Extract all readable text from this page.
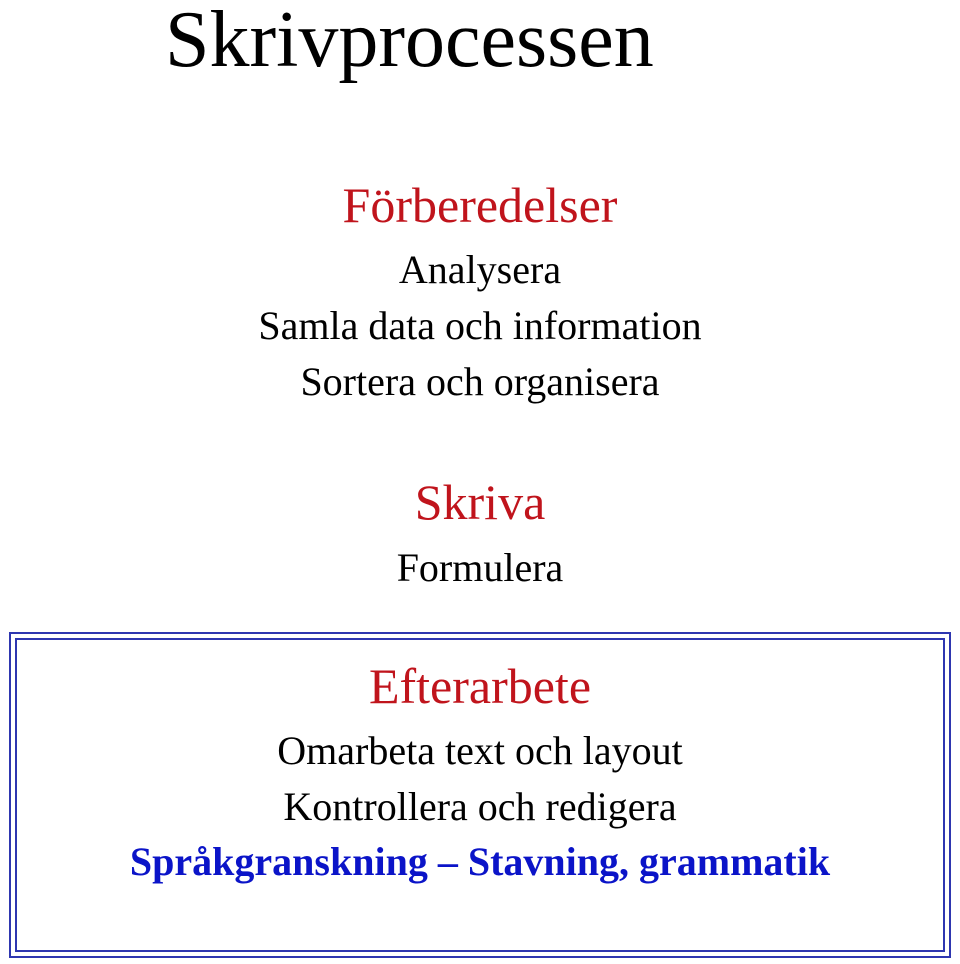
Skrivprocessen
Förberedelser
Analysera
Samla data och information
Sortera och organisera
Skriva
Formulera
Efterarbete
Omarbeta text och layout
Kontrollera och redigera
Språkgranskning – Stavning, grammatik
